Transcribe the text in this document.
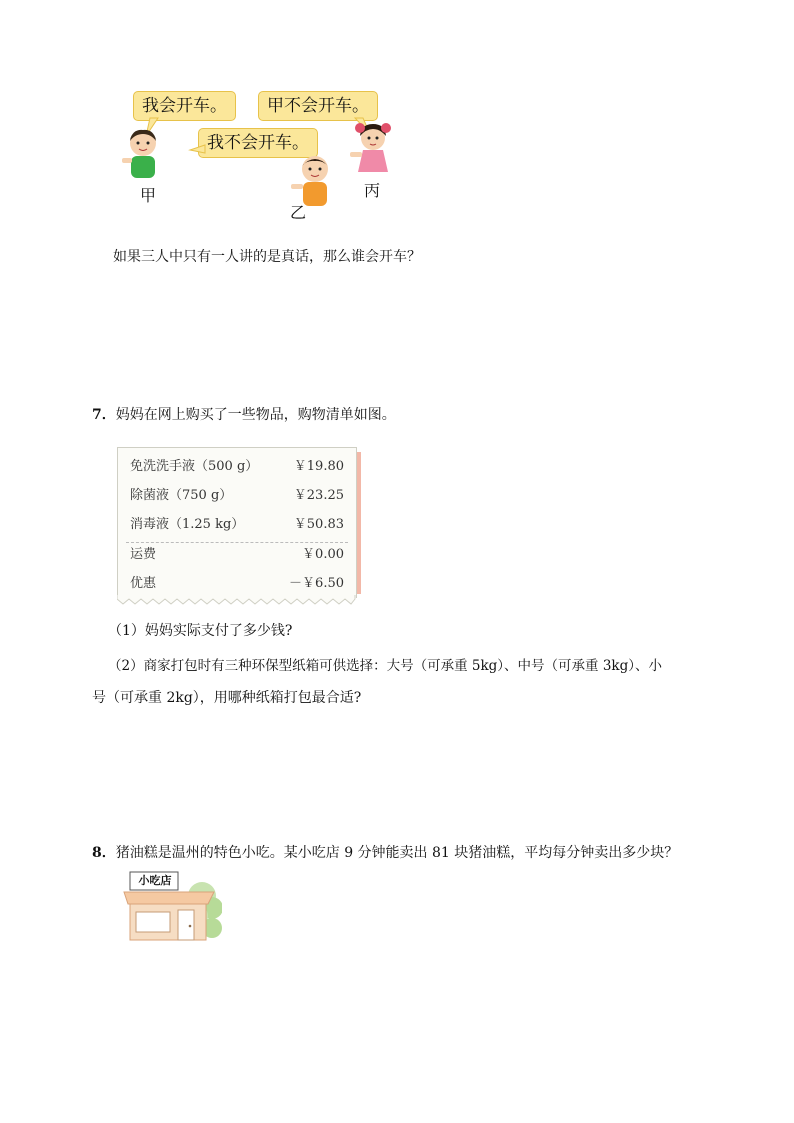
我会开车。	甲不会开车。
我不会开车。
甲
乙
丙
如果三人中只有一人讲的是真话，那么谁会开车？
7．妈妈在网上购买了一些物品，购物清单如图。
免洗洗手液（500 g）	￥19.80
除菌液（750 g）	￥23.25
消毒液（1.25 kg）	￥50.83
运费	￥0.00
优惠	－￥6.50
（1）妈妈实际支付了多少钱?
（2）商家打包时有三种环保型纸箱可供选择：大号（可承重 5kg）、中号（可承重 3kg）、小
号（可承重 2kg），用哪种纸箱打包最合适?
8．猪油糕是温州的特色小吃。某小吃店 9 分钟能卖出 81 块猪油糕，平均每分钟卖出多少块？
小吃店
